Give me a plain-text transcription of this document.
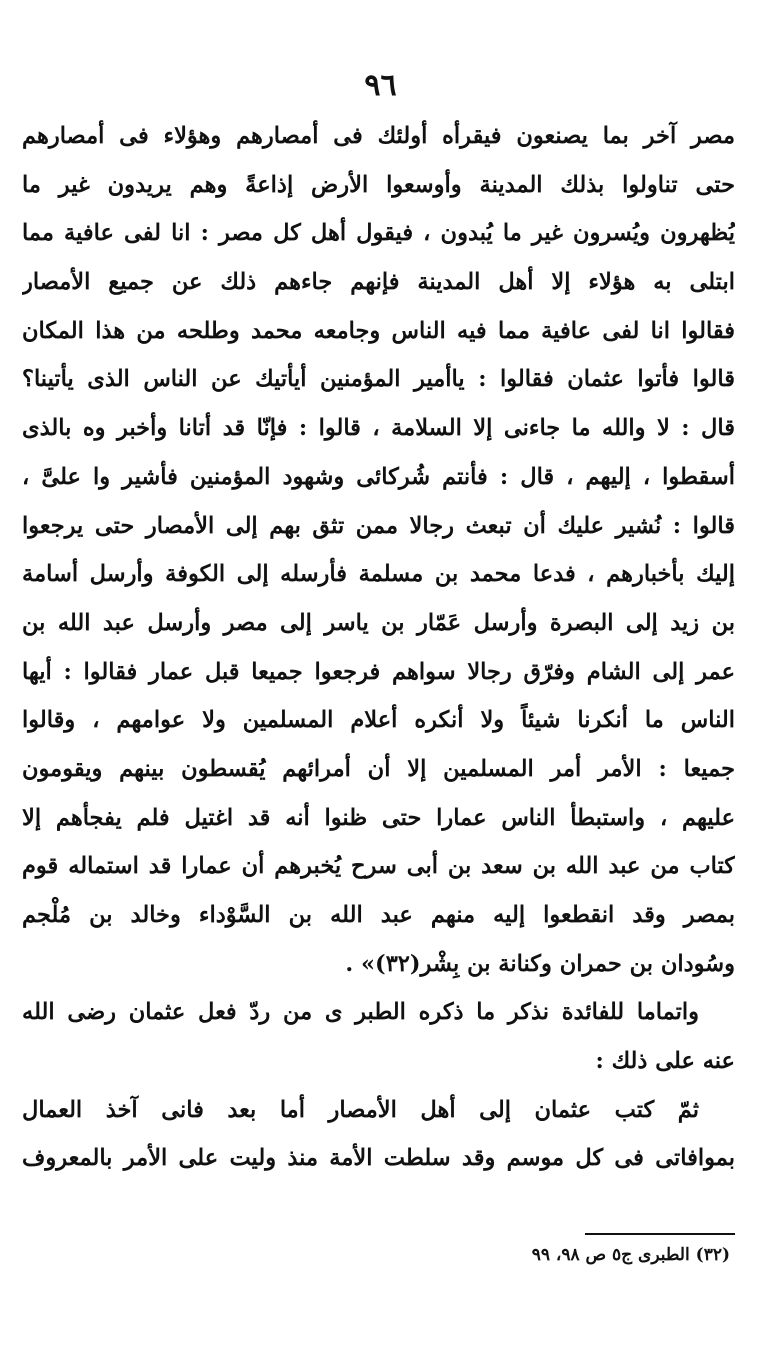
٩٦
مصر آخر بما يصنعون فيقرأه أولئك فى أمصارهم وهؤلاء فى أمصارهم
حتى تناولوا بذلك المدينة وأوسعوا الأرض إذاعةً وهم يريدون غير ما
يُظهرون ويُسرون غير ما يُبدون ، فيقول أهل كل مصر : انا لفى عافية مما
ابتلى به هؤلاء إلا أهل المدينة فإنهم جاءهم ذلك عن جميع الأمصار
فقالوا انا لفى عافية مما فيه الناس وجامعه محمد وطلحه من هذا المكان
قالوا فأتوا عثمان فقالوا : ياأمير المؤمنين أيأتيك عن الناس الذى يأتينا؟
قال : لا والله ما جاءنى إلا السلامة ، قالوا : فإنّا قد أتانا وأخبر وه بالذى
أسقطوا ، إليهم ، قال : فأنتم شُركائى وشهود المؤمنين فأشير وا علىَّ ،
قالوا : نُشير عليك أن تبعث رجالا ممن تثق بهم إلى الأمصار حتى يرجعوا
إليك بأخبارهم ، فدعا محمد بن مسلمة فأرسله إلى الكوفة وأرسل أسامة
بن زيد إلى البصرة وأرسل عَمّار بن ياسر إلى مصر وأرسل عبد الله بن
عمر إلى الشام وفرّق رجالا سواهم فرجعوا جميعا قبل عمار فقالوا : أيها
الناس ما أنكرنا شيئاً ولا أنكره أعلام المسلمين ولا عوامهم ، وقالوا
جميعا : الأمر أمر المسلمين إلا أن أمرائهم يُقسطون بينهم ويقومون
عليهم ، واستبطأ الناس عمارا حتى ظنوا أنه قد اغتيل فلم يفجأهم إلا
كتاب من عبد الله بن سعد بن أبى سرح يُخبرهم أن عمارا قد استماله قوم
بمصر وقد انقطعوا إليه منهم عبد الله بن السَّوْداء وخالد بن مُلْجم
وسُودان بن حمران وكنانة بن بِشْر(٣٢)» .
واتماما للفائدة نذكر ما ذكره الطبر ى من ردّ فعل عثمان رضى الله
عنه على ذلك :
ثمّ كتب عثمان إلى أهل الأمصار أما بعد فانى آخذ العمال
بموافاتى فى كل موسم وقد سلطت الأمة منذ وليت على الأمر بالمعروف
(٣٢) الطبرى ج٥ ص ٩٨، ٩٩
